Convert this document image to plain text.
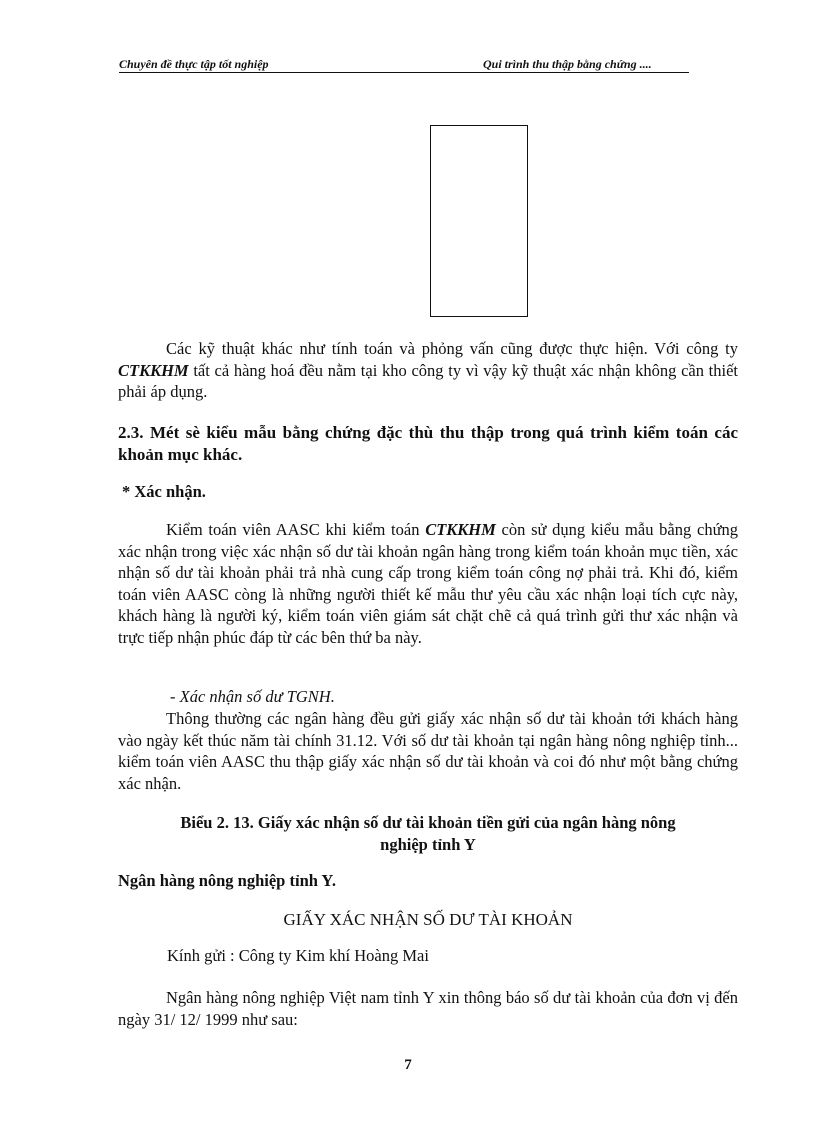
Chuyên đề thực tập tốt nghiệp	Qui trình thu thập bằng chứng ....

Các kỹ thuật khác như tính toán và phỏng vấn cũng được thực hiện. Với công ty CTKKHM tất cả hàng hoá đều nằm tại kho công ty vì vậy kỹ thuật xác nhận không cần thiết phải áp dụng.

2.3. Mét sè kiểu mẫu bằng chứng đặc thù thu thập trong quá trình kiểm toán các khoản mục khác.

* Xác nhận.

Kiểm toán viên AASC khi kiểm toán CTKKHM còn sử dụng kiểu mẫu bằng chứng xác nhận trong việc xác nhận số dư tài khoản ngân hàng trong kiểm toán khoản mục tiền, xác nhận số dư tài khoản phải trả nhà cung cấp trong kiểm toán công nợ phải trả. Khi đó, kiểm toán viên AASC còng là những người thiết kế mẫu thư yêu cầu xác nhận loại tích cực này, khách hàng là người ký, kiểm toán viên giám sát chặt chẽ cả quá trình gửi thư xác nhận và trực tiếp nhận phúc đáp từ các bên thứ ba này.

- Xác nhận số dư TGNH.

Thông thường các ngân hàng đều gửi giấy xác nhận số dư tài khoản tới khách hàng vào ngày kết thúc năm tài chính 31.12. Với số dư tài khoản tại ngân hàng nông nghiệp tỉnh... kiểm toán viên AASC thu thập giấy xác nhận số dư tài khoản và coi đó như một bằng chứng xác nhận.

Biểu 2. 13. Giấy xác nhận số dư tài khoản tiền gửi của ngân hàng nông
nghiệp tỉnh Y

Ngân hàng nông nghiệp tỉnh Y.

GIẤY XÁC NHẬN SỐ DƯ TÀI KHOẢN

Kính gửi : Công ty Kim khí Hoàng Mai

Ngân hàng nông nghiệp Việt nam tỉnh Y xin thông báo số dư tài khoản của đơn vị đến ngày 31/ 12/ 1999 như sau:

7
